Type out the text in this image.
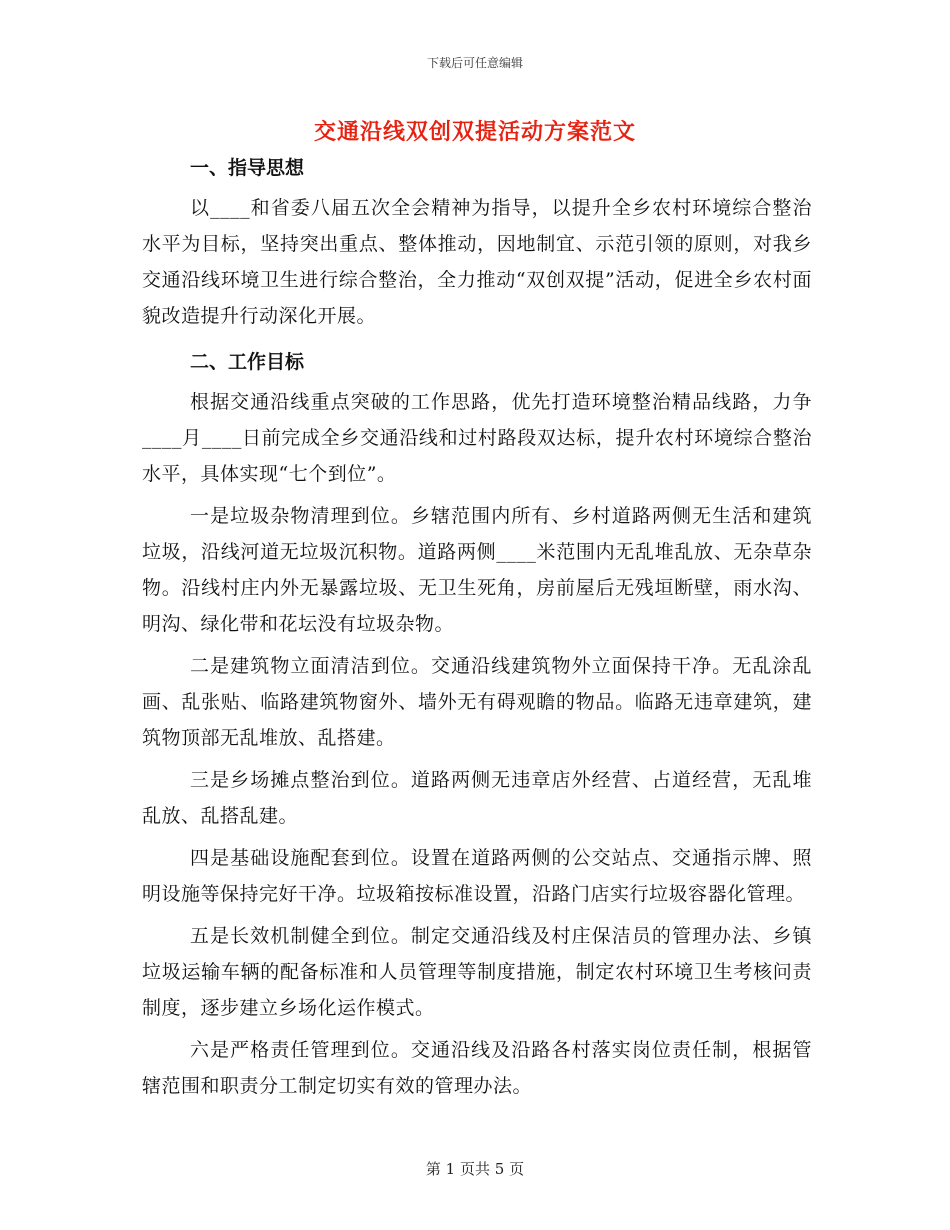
下载后可任意编辑
交通沿线双创双提活动方案范文
一、指导思想

以____和省委八届五次全会精神为指导，以提升全乡农村环境综合整治水平为目标，坚持突出重点、整体推动，因地制宜、示范引领的原则，对我乡交通沿线环境卫生进行综合整治，全力推动“双创双提”活动，促进全乡农村面貌改造提升行动深化开展。

二、工作目标

根据交通沿线重点突破的工作思路，优先打造环境整治精品线路，力争____月____日前完成全乡交通沿线和过村路段双达标，提升农村环境综合整治水平，具体实现“七个到位”。

一是垃圾杂物清理到位。乡辖范围内所有、乡村道路两侧无生活和建筑垃圾，沿线河道无垃圾沉积物。道路两侧____米范围内无乱堆乱放、无杂草杂物。沿线村庄内外无暴露垃圾、无卫生死角，房前屋后无残垣断壁，雨水沟、明沟、绿化带和花坛没有垃圾杂物。

二是建筑物立面清洁到位。交通沿线建筑物外立面保持干净。无乱涂乱画、乱张贴、临路建筑物窗外、墙外无有碍观瞻的物品。临路无违章建筑，建筑物顶部无乱堆放、乱搭建。

三是乡场摊点整治到位。道路两侧无违章店外经营、占道经营，无乱堆乱放、乱搭乱建。

四是基础设施配套到位。设置在道路两侧的公交站点、交通指示牌、照明设施等保持完好干净。垃圾箱按标准设置，沿路门店实行垃圾容器化管理。

五是长效机制健全到位。制定交通沿线及村庄保洁员的管理办法、乡镇垃圾运输车辆的配备标准和人员管理等制度措施，制定农村环境卫生考核问责制度，逐步建立乡场化运作模式。

六是严格责任管理到位。交通沿线及沿路各村落实岗位责任制，根据管辖范围和职责分工制定切实有效的管理办法。

第 1 页共 5 页
